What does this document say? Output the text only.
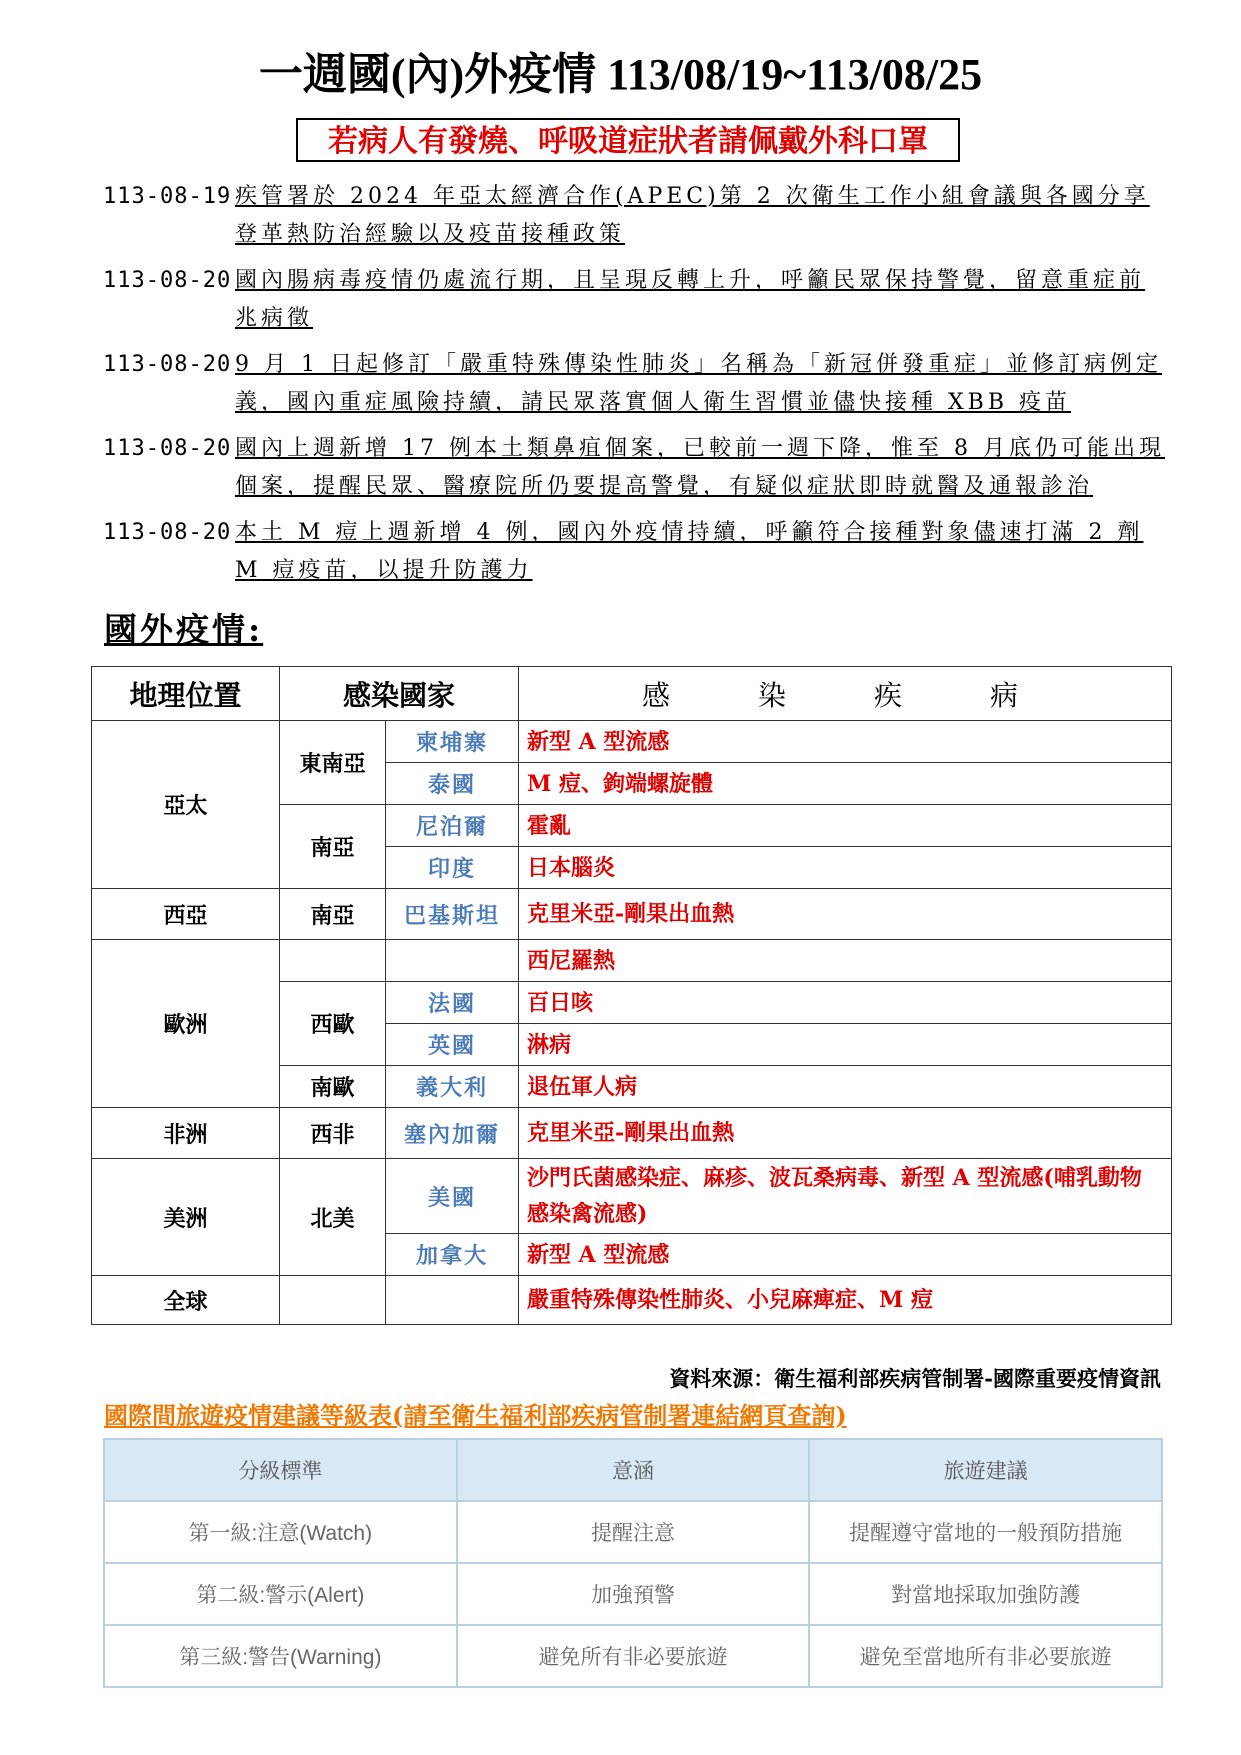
一週國(內)外疫情 113/08/19~113/08/25
若病人有發燒、呼吸道症狀者請佩戴外科口罩
113-08-19 疾管署於 2024 年亞太經濟合作(APEC)第 2 次衛生工作小組會議與各國分享登革熱防治經驗以及疫苗接種政策
113-08-20 國內腸病毒疫情仍處流行期，且呈現反轉上升，呼籲民眾保持警覺，留意重症前兆病徵
113-08-20 9 月 1 日起修訂「嚴重特殊傳染性肺炎」名稱為「新冠併發重症」並修訂病例定義，國內重症風險持續，請民眾落實個人衛生習慣並儘快接種 XBB 疫苗
113-08-20 國內上週新增 17 例本土類鼻疽個案，已較前一週下降，惟至 8 月底仍可能出現個案，提醒民眾、醫療院所仍要提高警覺，有疑似症狀即時就醫及通報診治
113-08-20 本土 M 痘上週新增 4 例，國內外疫情持續，呼籲符合接種對象儘速打滿 2 劑 M 痘疫苗，以提升防護力
國外疫情:
地理位置	感染國家		感　染　疾　病
亞太	東南亞	柬埔寨	新型 A 型流感
		泰國	M 痘、鉤端螺旋體
	南亞	尼泊爾	霍亂
		印度	日本腦炎
西亞	南亞	巴基斯坦	克里米亞-剛果出血熱
歐洲			西尼羅熱
	西歐	法國	百日咳
		英國	淋病
	南歐	義大利	退伍軍人病
非洲	西非	塞內加爾	克里米亞-剛果出血熱
美洲	北美	美國	沙門氏菌感染症、麻疹、波瓦桑病毒、新型 A 型流感(哺乳動物感染禽流感)
		加拿大	新型 A 型流感
全球			嚴重特殊傳染性肺炎、小兒麻痺症、M 痘
資料來源：衛生福利部疾病管制署-國際重要疫情資訊
國際間旅遊疫情建議等級表(請至衛生福利部疾病管制署連結網頁查詢)
分級標準	意涵	旅遊建議
第一級:注意(Watch)	提醒注意	提醒遵守當地的一般預防措施
第二級:警示(Alert)	加強預警	對當地採取加強防護
第三級:警告(Warning)	避免所有非必要旅遊	避免至當地所有非必要旅遊
